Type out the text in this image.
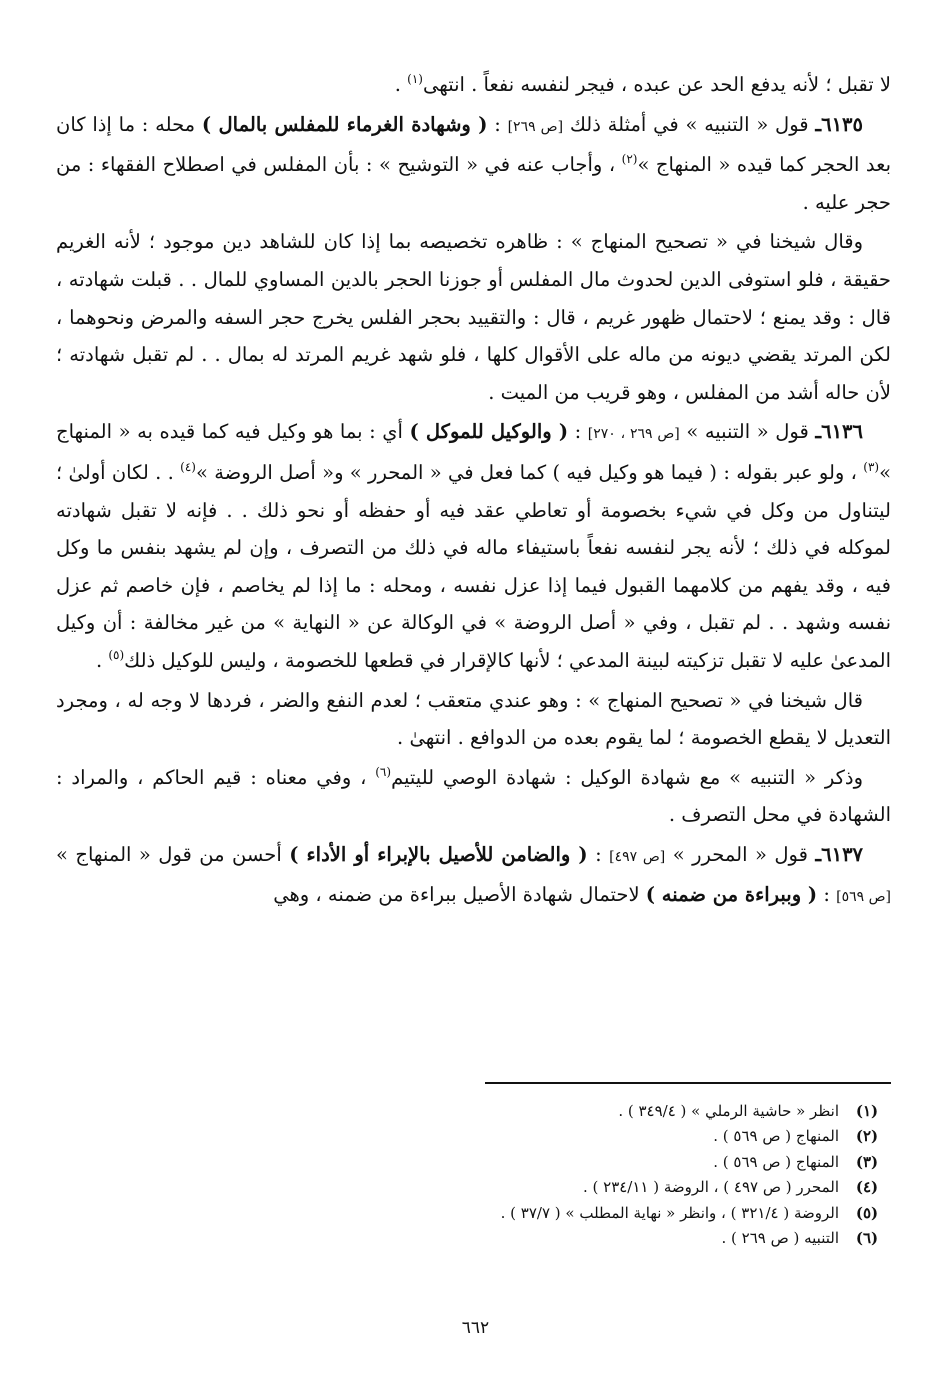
لا تقبل ؛ لأنه يدفع الحد عن عبده ، فيجر لنفسه نفعاً . انتهى$^{(١)}$ .

٦١٣٥ـ قول « التنبيه » في أمثلة ذلك [ص ٢٦٩] : ( وشهادة الغرماء للمفلس بالمال ) محله : ما إذا كان بعد الحجر كما قيده « المنهاج »$^{(٢)}$ ، وأجاب عنه في « التوشيح » : بأن المفلس في اصطلاح الفقهاء : من حجر عليه .

وقال شيخنا في « تصحيح المنهاج » : ظاهره تخصيصه بما إذا كان للشاهد دين موجود ؛ لأنه الغريم حقيقة ، فلو استوفى الدين لحدوث مال المفلس أو جوزنا الحجر بالدين المساوي للمال . . قبلت شهادته ، قال : وقد يمنع ؛ لاحتمال ظهور غريم ، قال : والتقييد بحجر الفلس يخرج حجر السفه والمرض ونحوهما ، لكن المرتد يقضي ديونه من ماله على الأقوال كلها ، فلو شهد غريم المرتد له بمال . . لم تقبل شهادته ؛ لأن حاله أشد من المفلس ، وهو قريب من الميت .

٦١٣٦ـ قول « التنبيه » [ص ٢٦٩ ، ٢٧٠] : ( والوكيل للموكل ) أي : بما هو وكيل فيه كما قيده به « المنهاج »$^{(٣)}$ ، ولو عبر بقوله : ( فيما هو وكيل فيه ) كما فعل في « المحرر » و« أصل الروضة »$^{(٤)}$ . . لكان أولىٰ ؛ ليتناول من وكل في شيء بخصومة أو تعاطي عقد فيه أو حفظه أو نحو ذلك . . فإنه لا تقبل شهادته لموكله في ذلك ؛ لأنه يجر لنفسه نفعاً باستيفاء ماله في ذلك من التصرف ، وإن لم يشهد بنفس ما وكل فيه ، وقد يفهم من كلامهما القبول فيما إذا عزل نفسه ، ومحله : ما إذا لم يخاصم ، فإن خاصم ثم عزل نفسه وشهد . . لم تقبل ، وفي « أصل الروضة » في الوكالة عن « النهاية » من غير مخالفة : أن وكيل المدعىٰ عليه لا تقبل تزكيته لبينة المدعي ؛ لأنها كالإقرار في قطعها للخصومة ، وليس للوكيل ذلك$^{(٥)}$ .

قال شيخنا في « تصحيح المنهاج » : وهو عندي متعقب ؛ لعدم النفع والضر ، فردها لا وجه له ، ومجرد التعديل لا يقطع الخصومة ؛ لما يقوم بعده من الدوافع . انتهىٰ .

وذكر « التنبيه » مع شهادة الوكيل : شهادة الوصي لليتيم$^{(٦)}$ ، وفي معناه : قيم الحاكم ، والمراد : الشهادة في محل التصرف .

٦١٣٧ـ قول « المحرر » [ص ٤٩٧] : ( والضامن للأصيل بالإبراء أو الأداء ) أحسن من قول « المنهاج » [ص ٥٦٩] : ( وببراءة من ضمنه ) لاحتمال شهادة الأصيل ببراءة من ضمنه ، وهي

(١)
انظر « حاشية الرملي » ( ٣٤٩/٤ ) .
(٢)
المنهاج ( ص ٥٦٩ ) .
(٣)
المنهاج ( ص ٥٦٩ ) .
(٤)
المحرر ( ص ٤٩٧ ) ، الروضة ( ٢٣٤/١١ ) .
(٥)
الروضة ( ٣٢١/٤ ) ، وانظر « نهاية المطلب » ( ٣٧/٧ ) .
(٦)
التنبيه ( ص ٢٦٩ ) .
٦٦٢
